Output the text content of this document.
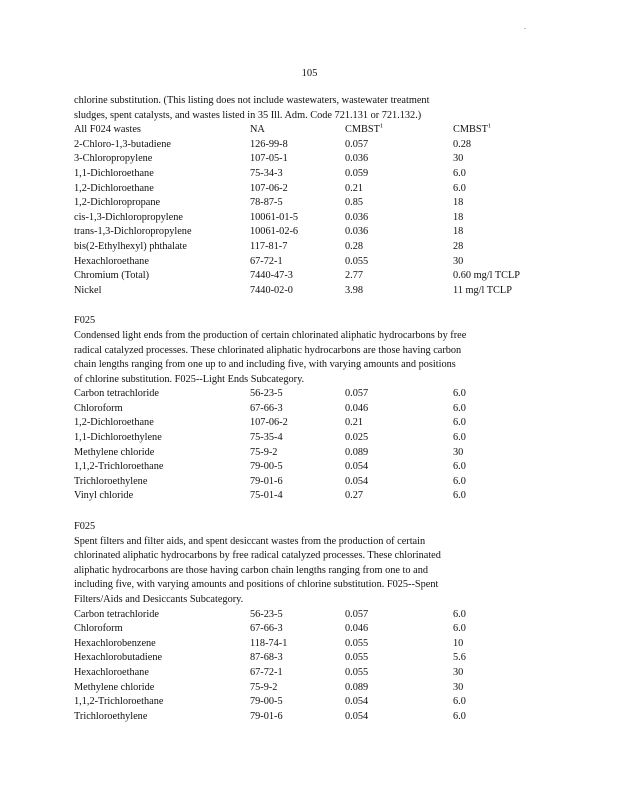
-
105

chlorine substitution. (This listing does not include wastewaters, wastewater treatment

sludges, spent catalysts, and wastes listed in 35 Ill. Adm. Code 721.131 or 721.132.)

All F024 wastes	NA	CMBST$^1$	CMBST$^1$
2-Chloro-1,3-butadiene	126-99-8	0.057	0.28
3-Chloropropylene	107-05-1	0.036	30
1,1-Dichloroethane	75-34-3	0.059	6.0
1,2-Dichloroethane	107-06-2	0.21	6.0
1,2-Dichloropropane	78-87-5	0.85	18
cis-1,3-Dichloropropylene	10061-01-5	0.036	18
trans-1,3-Dichloropropylene	10061-02-6	0.036	18
bis(2-Ethylhexyl) phthalate	117-81-7	0.28	28
Hexachloroethane	67-72-1	0.055	30
Chromium (Total)	7440-47-3	2.77	0.60 mg/l TCLP
Nickel	7440-02-0	3.98	11 mg/l TCLP

F025

Condensed light ends from the production of certain chlorinated aliphatic hydrocarbons by free

radical catalyzed processes. These chlorinated aliphatic hydrocarbons are those having carbon

chain lengths ranging from one up to and including five, with varying amounts and positions

of chlorine substitution. F025--Light Ends Subcategory.

Carbon tetrachloride	56-23-5	0.057	6.0
Chloroform	67-66-3	0.046	6.0
1,2-Dichloroethane	107-06-2	0.21	6.0
1,1-Dichloroethylene	75-35-4	0.025	6.0
Methylene chloride	75-9-2	0.089	30
1,1,2-Trichloroethane	79-00-5	0.054	6.0
Trichloroethylene	79-01-6	0.054	6.0
Vinyl chloride	75-01-4	0.27	6.0

F025

Spent filters and filter aids, and spent desiccant wastes from the production of certain

chlorinated aliphatic hydrocarbons by free radical catalyzed processes. These chlorinated

aliphatic hydrocarbons are those having carbon chain lengths ranging from one to and

including five, with varying amounts and positions of chlorine substitution. F025--Spent

Filters/Aids and Desiccants Subcategory.

Carbon tetrachloride	56-23-5	0.057	6.0
Chloroform	67-66-3	0.046	6.0
Hexachlorobenzene	118-74-1	0.055	10
Hexachlorobutadiene	87-68-3	0.055	5.6
Hexachloroethane	67-72-1	0.055	30
Methylene chloride	75-9-2	0.089	30
1,1,2-Trichloroethane	79-00-5	0.054	6.0
Trichloroethylene	79-01-6	0.054	6.0
